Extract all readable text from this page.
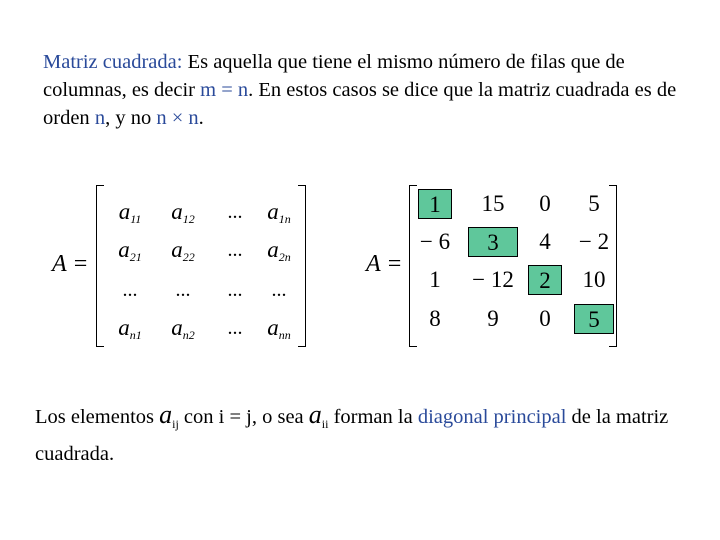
Matriz cuadrada: Es aquella que tiene el mismo número de filas que de columnas, es decir m = n. En estos casos se dice que la matriz cuadrada es de orden n, y no n × n.
A =
$a_{11}$	$a_{12}$	...	$a_{1n}$
$a_{21}$	$a_{22}$	...	$a_{2n}$
...	...	...	...
$a_{n1}$	$a_{n2}$	...	$a_{nn}$
A =
1	15	0	5
− 6	3	4	− 2
1	− 12	2	10
8	9	0	5
Los elementos $a_{ij}$ con i = j, o sea $a_{ii}$ forman la diagonal principal de la matriz cuadrada.
